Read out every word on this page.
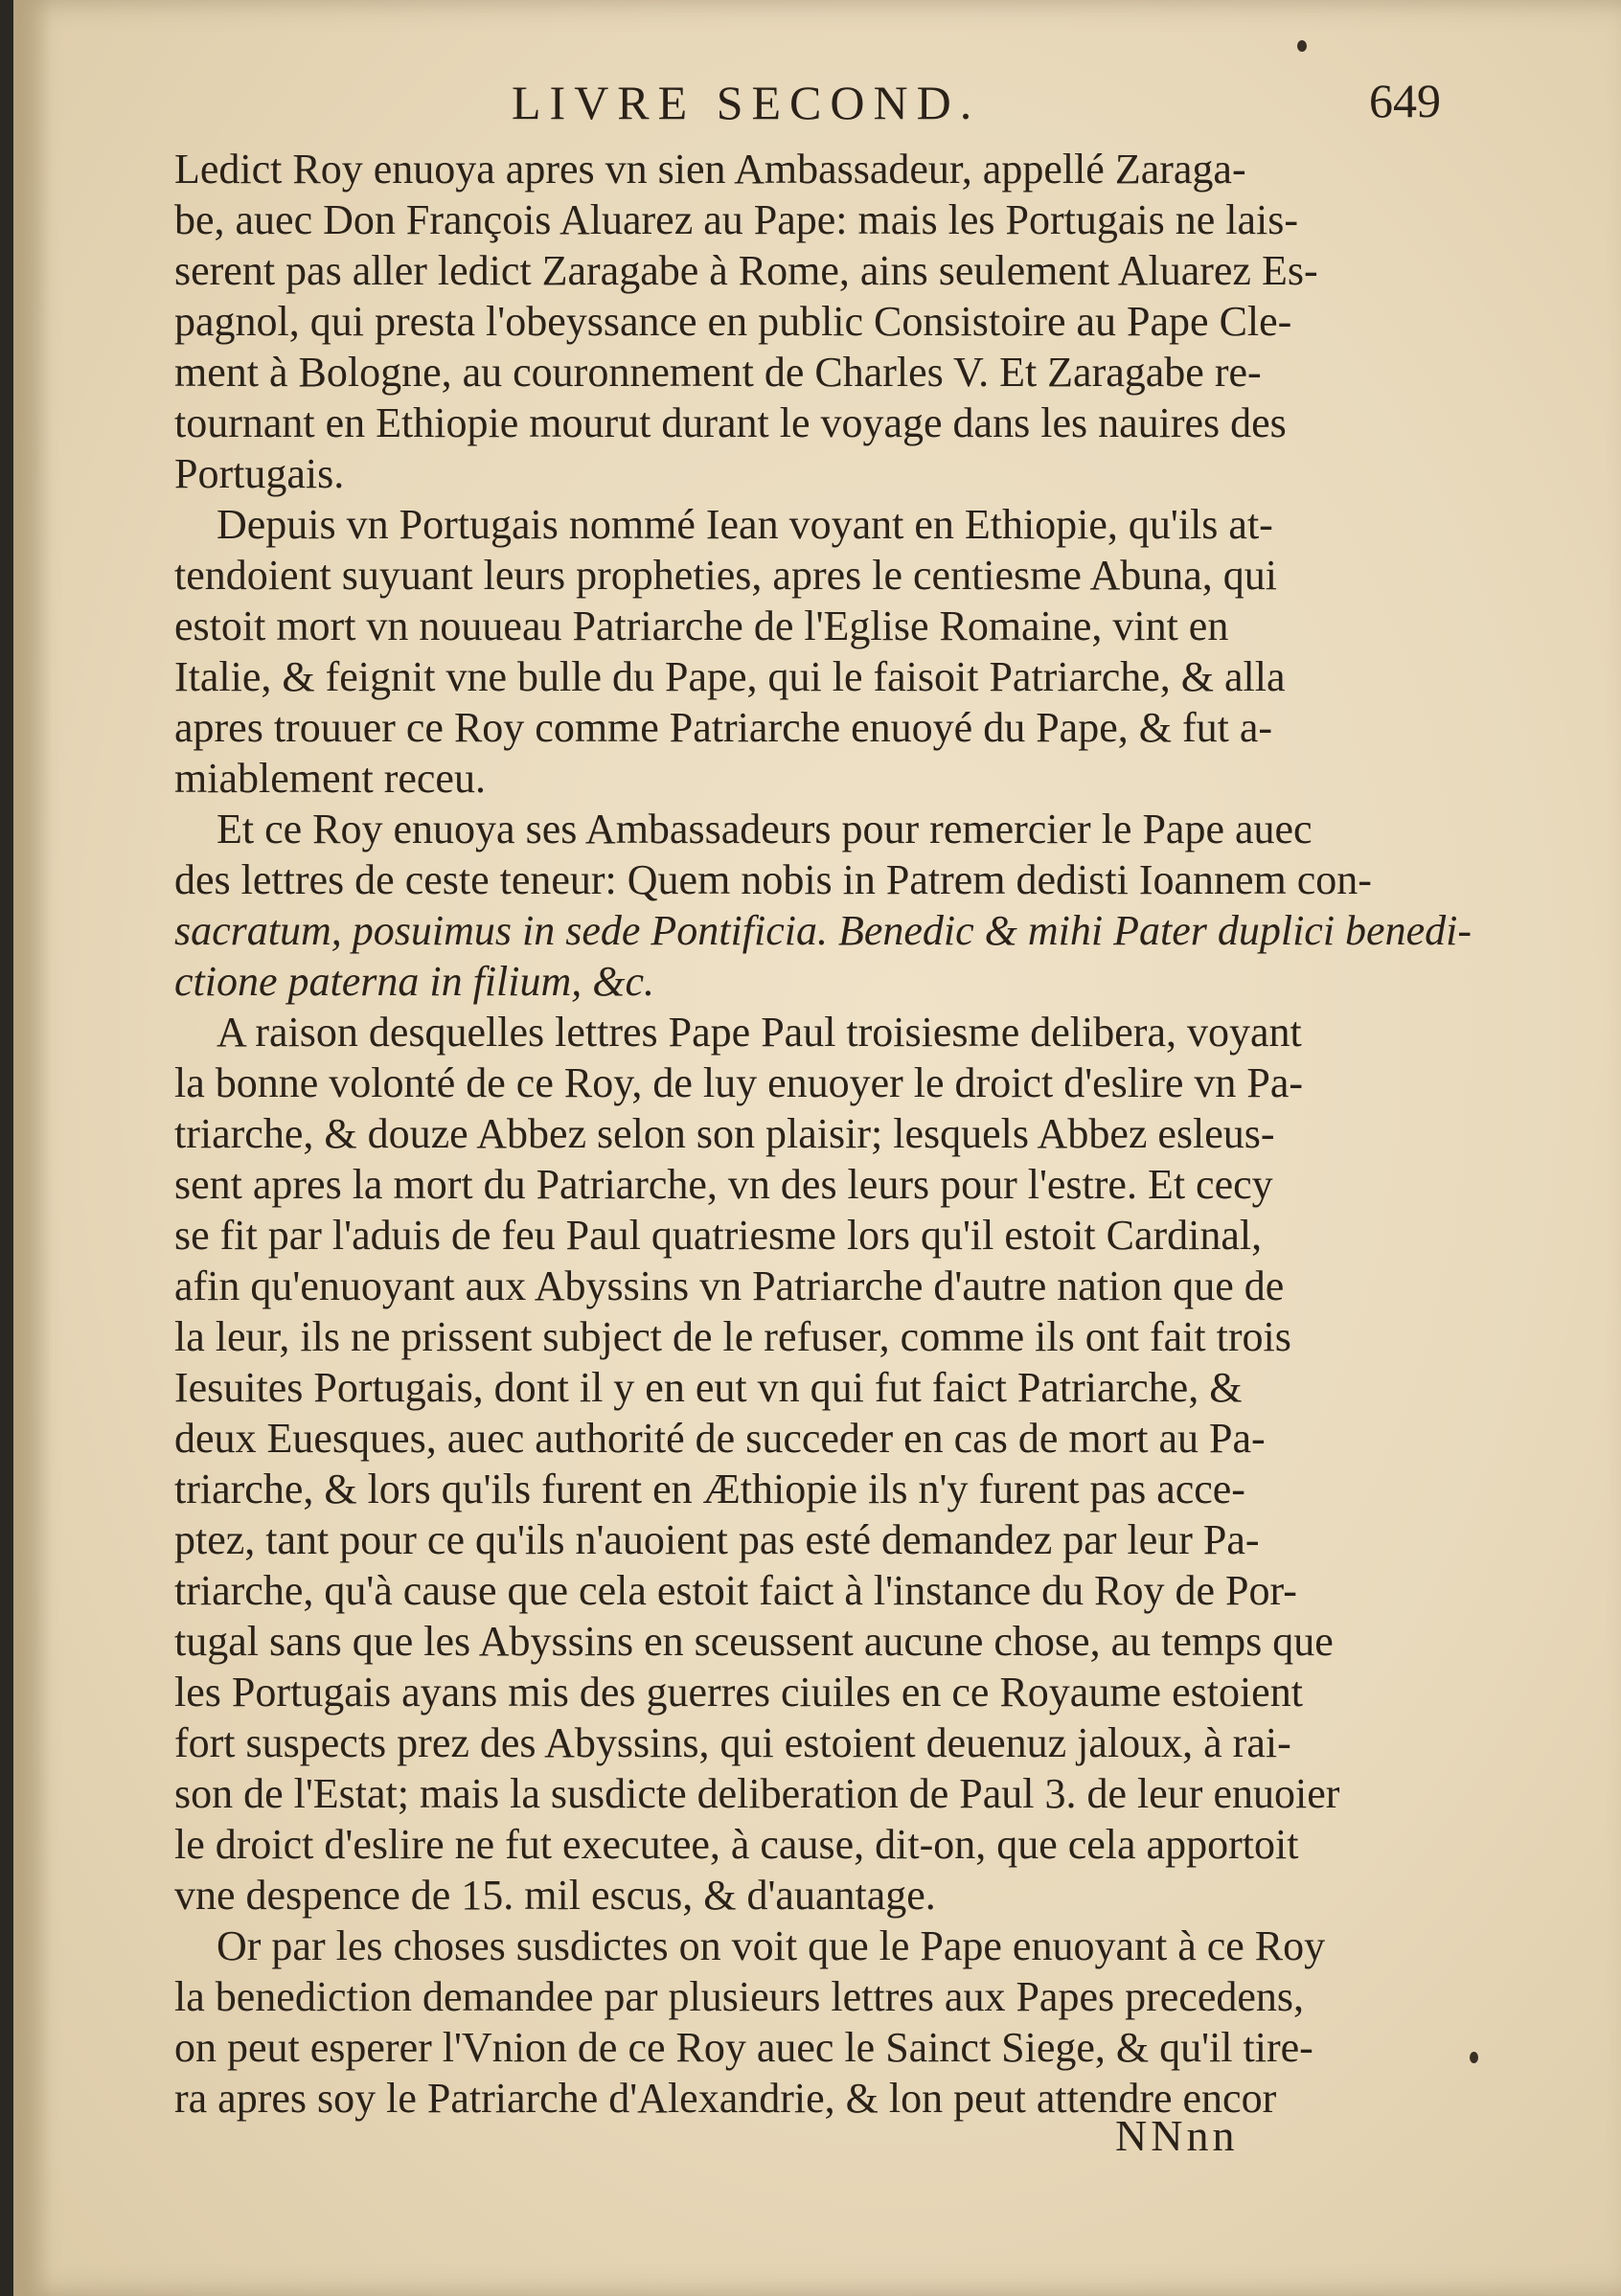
LIVRE SECOND.	649
Ledict Roy enuoya apres vn sien Ambassadeur, appellé Zaraga-
be, auec Don François Aluarez au Pape: mais les Portugais ne lais-
serent pas aller ledict Zaragabe à Rome, ains seulement Aluarez Es-
pagnol, qui presta l'obeyssance en public Consistoire au Pape Cle-
ment à Bologne, au couronnement de Charles V. Et Zaragabe re-
tournant en Ethiopie mourut durant le voyage dans les nauires des
Portugais.
Depuis vn Portugais nommé Iean voyant en Ethiopie, qu'ils at-
tendoient suyuant leurs propheties, apres le centiesme Abuna, qui
estoit mort vn nouueau Patriarche de l'Eglise Romaine, vint en
Italie, & feignit vne bulle du Pape, qui le faisoit Patriarche, & alla
apres trouuer ce Roy comme Patriarche enuoyé du Pape, & fut a-
miablement receu.
Et ce Roy enuoya ses Ambassadeurs pour remercier le Pape auec
des lettres de ceste teneur: Quem nobis in Patrem dedisti Ioannem con-
sacratum, posuimus in sede Pontificia. Benedic & mihi Pater duplici benedi-
ctione paterna in filium, &c.
A raison desquelles lettres Pape Paul troisiesme delibera, voyant
la bonne volonté de ce Roy, de luy enuoyer le droict d'eslire vn Pa-
triarche, & douze Abbez selon son plaisir; lesquels Abbez esleus-
sent apres la mort du Patriarche, vn des leurs pour l'estre. Et cecy
se fit par l'aduis de feu Paul quatriesme lors qu'il estoit Cardinal,
afin qu'enuoyant aux Abyssins vn Patriarche d'autre nation que de
la leur, ils ne prissent subject de le refuser, comme ils ont fait trois
Iesuites Portugais, dont il y en eut vn qui fut faict Patriarche, &
deux Euesques, auec authorité de succeder en cas de mort au Pa-
triarche, & lors qu'ils furent en Æthiopie ils n'y furent pas acce-
ptez, tant pour ce qu'ils n'auoient pas esté demandez par leur Pa-
triarche, qu'à cause que cela estoit faict à l'instance du Roy de Por-
tugal sans que les Abyssins en sceussent aucune chose, au temps que
les Portugais ayans mis des guerres ciuiles en ce Royaume estoient
fort suspects prez des Abyssins, qui estoient deuenuz jaloux, à rai-
son de l'Estat; mais la susdicte deliberation de Paul 3. de leur enuoier
le droict d'eslire ne fut executee, à cause, dit-on, que cela apportoit
vne despence de 15. mil escus, & d'auantage.
Or par les choses susdictes on voit que le Pape enuoyant à ce Roy
la benediction demandee par plusieurs lettres aux Papes precedens,
on peut esperer l'Vnion de ce Roy auec le Sainct Siege, & qu'il tire-
ra apres soy le Patriarche d'Alexandrie, & lon peut attendre encor
NNnn
